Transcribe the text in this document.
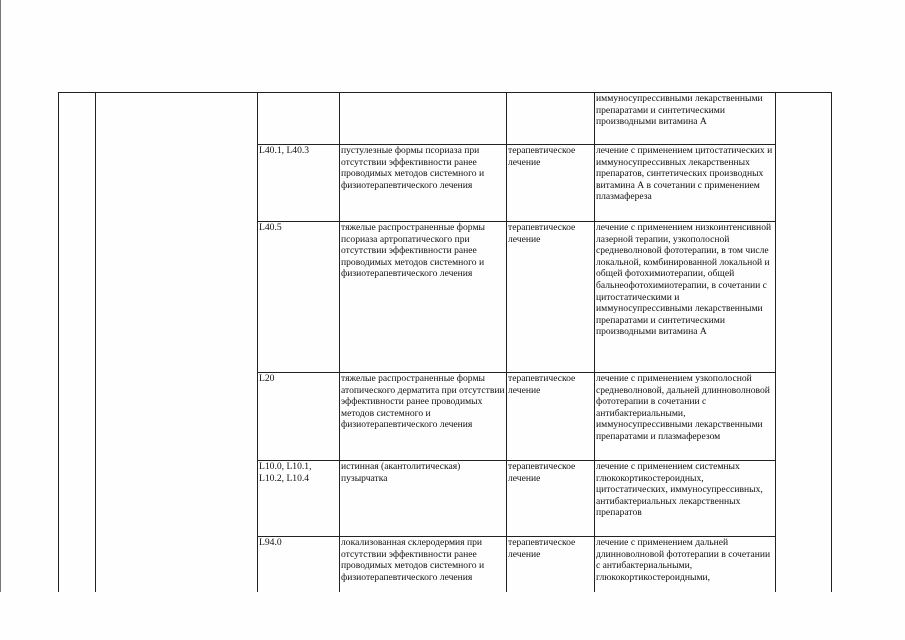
					иммуносупрессивными лекарственными препаратами и синтетическими производными витамина А	
		L40.1, L40.3	пустулезные формы псориаза при отсутствии эффективности ранее проводимых методов системного и физиотерапевтического лечения	терапевтическое лечение	лечение с применением цитостатических и иммуносупрессивных лекарственных препаратов, синтетических производных витамина А в сочетании с применением плазмафереза	
		L40.5	тяжелые распространенные формы псориаза артропатического при отсутствии эффективности ранее проводимых методов системного и физиотерапевтического лечения	терапевтическое лечение	лечение с применением низкоинтенсивной лазерной терапии, узкополосной средневолновой фототерапии, в том числе локальной, комбинированной локальной и общей фотохимиотерапии, общей бальнеофотохимиотерапии, в сочетании с цитостатическими и иммуносупрессивными лекарственными препаратами и синтетическими производными витамина А	
		L20	тяжелые распространенные формы атопического дерматита при отсутствии эффективности ранее проводимых методов системного и физиотерапевтического лечения	терапевтическое лечение	лечение с применением узкополосной средневолновой, дальней длинноволновой фототерапии в сочетании с антибактериальными, иммуносупрессивными лекарственными препаратами и плазмаферезом	
		L10.0, L10.1, L10.2, L10.4	истинная (акантолитическая) пузырчатка	терапевтическое лечение	лечение с применением системных глюкокортикостероидных, цитостатических, иммуносупрессивных, антибактериальных лекарственных препаратов	
		L94.0	локализованная склеродермия при отсутствии эффективности ранее проводимых методов системного и физиотерапевтического лечения	терапевтическое лечение	лечение с применением дальней длинноволновой фототерапии в сочетании с антибактериальными, глюкокортикостероидными,	
